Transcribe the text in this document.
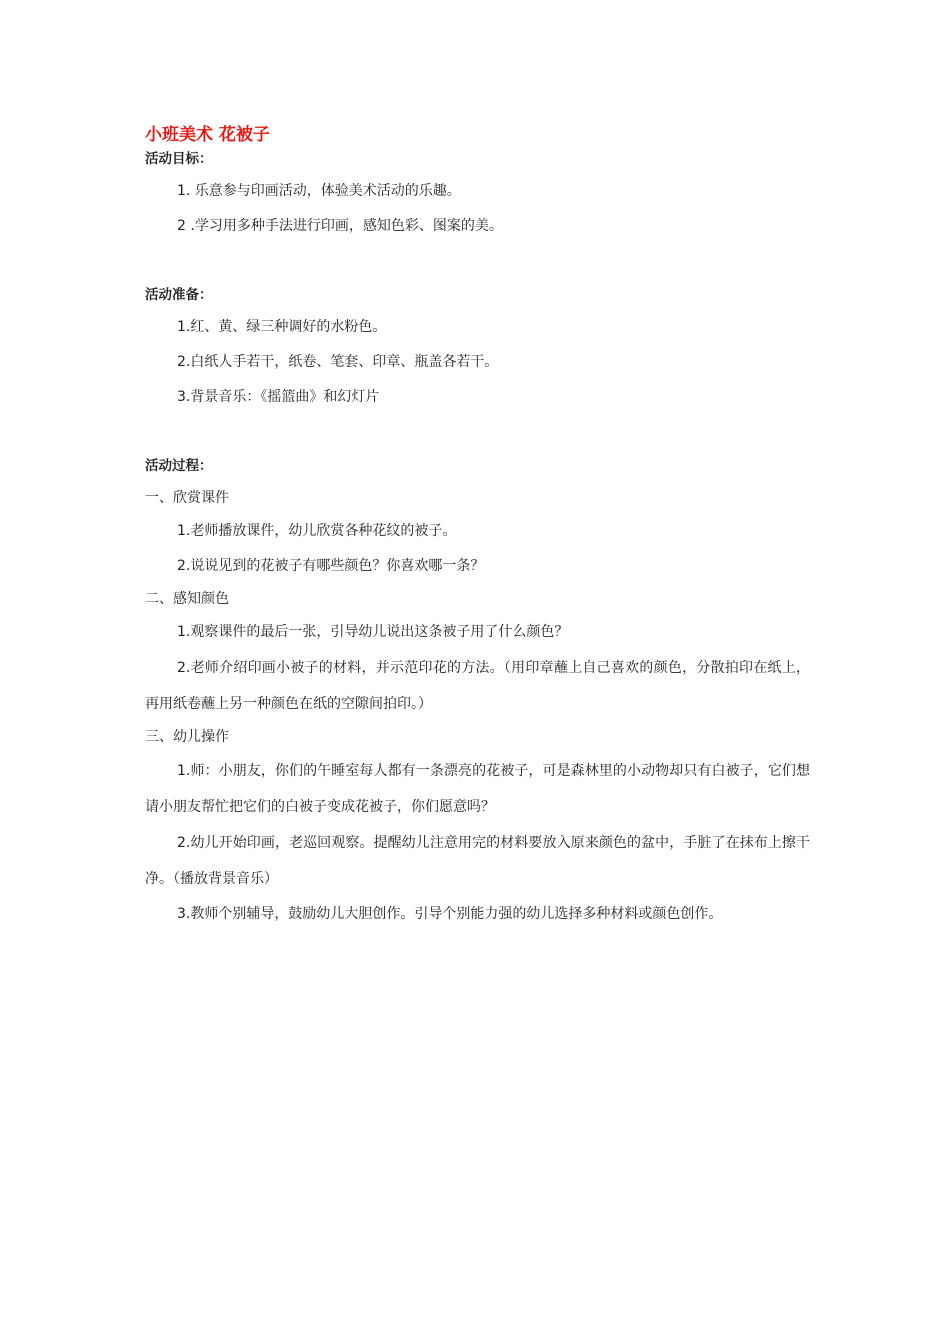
小班美术 花被子
活动目标：

1. 乐意参与印画活动，体验美术活动的乐趣。

2 .学习用多种手法进行印画，感知色彩、图案的美。

活动准备：

1.红、黄、绿三种调好的水粉色。

2.白纸人手若干，纸卷、笔套、印章、瓶盖各若干。

3.背景音乐：《摇篮曲》和幻灯片

活动过程：

一、欣赏课件

1.老师播放课件，幼儿欣赏各种花纹的被子。

2.说说见到的花被子有哪些颜色？你喜欢哪一条？

二、感知颜色

1.观察课件的最后一张，引导幼儿说出这条被子用了什么颜色？

2.老师介绍印画小被子的材料，并示范印花的方法。（用印章蘸上自己喜欢的颜色，分散拍印在纸上，再用纸卷蘸上另一种颜色在纸的空隙间拍印。）

三、幼儿操作

1.师：小朋友，你们的午睡室每人都有一条漂亮的花被子，可是森林里的小动物却只有白被子，它们想请小朋友帮忙把它们的白被子变成花被子，你们愿意吗？

2.幼儿开始印画，老巡回观察。提醒幼儿注意用完的材料要放入原来颜色的盆中，手脏了在抹布上擦干净。（播放背景音乐）

3.教师个别辅导，鼓励幼儿大胆创作。引导个别能力强的幼儿选择多种材料或颜色创作。
